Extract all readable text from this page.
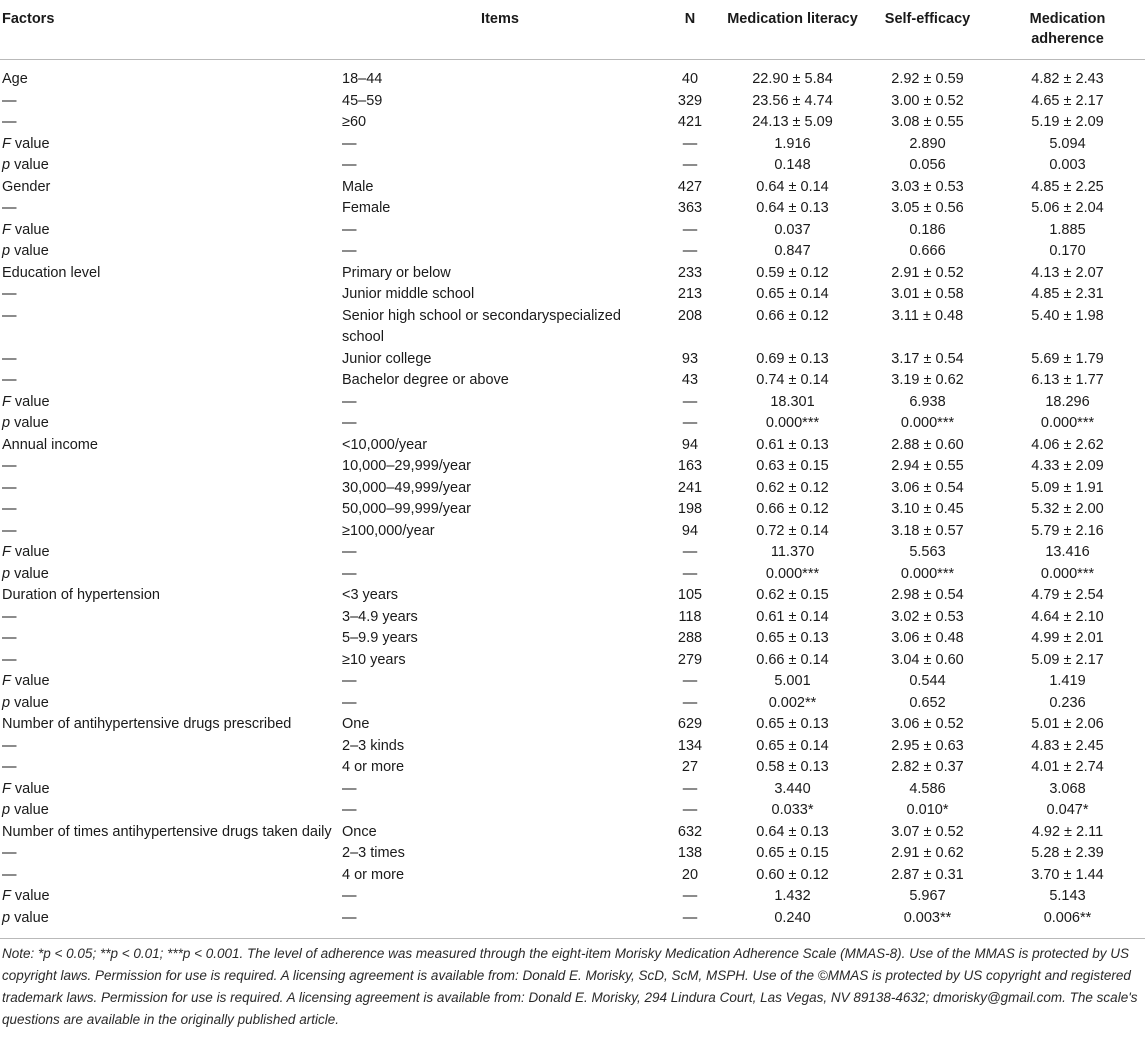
Factors	Items	N	Medication literacy	Self-efficacy	Medication adherence
Age	18–44	40	22.90 ± 5.84	2.92 ± 0.59	4.82 ± 2.43
—	45–59	329	23.56 ± 4.74	3.00 ± 0.52	4.65 ± 2.17
—	≥60	421	24.13 ± 5.09	3.08 ± 0.55	5.19 ± 2.09
F value	—	—	1.916	2.890	5.094
p value	—	—	0.148	0.056	0.003
Gender	Male	427	0.64 ± 0.14	3.03 ± 0.53	4.85 ± 2.25
—	Female	363	0.64 ± 0.13	3.05 ± 0.56	5.06 ± 2.04
F value	—	—	0.037	0.186	1.885
p value	—	—	0.847	0.666	0.170
Education level	Primary or below	233	0.59 ± 0.12	2.91 ± 0.52	4.13 ± 2.07
—	Junior middle school	213	0.65 ± 0.14	3.01 ± 0.58	4.85 ± 2.31
—	Senior high school or secondaryspecialized school	208	0.66 ± 0.12	3.11 ± 0.48	5.40 ± 1.98
—	Junior college	93	0.69 ± 0.13	3.17 ± 0.54	5.69 ± 1.79
—	Bachelor degree or above	43	0.74 ± 0.14	3.19 ± 0.62	6.13 ± 1.77
F value	—	—	18.301	6.938	18.296
p value	—	—	0.000***	0.000***	0.000***
Annual income	<10,000/year	94	0.61 ± 0.13	2.88 ± 0.60	4.06 ± 2.62
—	10,000–29,999/year	163	0.63 ± 0.15	2.94 ± 0.55	4.33 ± 2.09
—	30,000–49,999/year	241	0.62 ± 0.12	3.06 ± 0.54	5.09 ± 1.91
—	50,000–99,999/year	198	0.66 ± 0.12	3.10 ± 0.45	5.32 ± 2.00
—	≥100,000/year	94	0.72 ± 0.14	3.18 ± 0.57	5.79 ± 2.16
F value	—	—	11.370	5.563	13.416
p value	—	—	0.000***	0.000***	0.000***
Duration of hypertension	<3 years	105	0.62 ± 0.15	2.98 ± 0.54	4.79 ± 2.54
—	3–4.9 years	118	0.61 ± 0.14	3.02 ± 0.53	4.64 ± 2.10
—	5–9.9 years	288	0.65 ± 0.13	3.06 ± 0.48	4.99 ± 2.01
—	≥10 years	279	0.66 ± 0.14	3.04 ± 0.60	5.09 ± 2.17
F value	—	—	5.001	0.544	1.419
p value	—	—	0.002**	0.652	0.236
Number of antihypertensive drugs prescribed	One	629	0.65 ± 0.13	3.06 ± 0.52	5.01 ± 2.06
—	2–3 kinds	134	0.65 ± 0.14	2.95 ± 0.63	4.83 ± 2.45
—	4 or more	27	0.58 ± 0.13	2.82 ± 0.37	4.01 ± 2.74
F value	—	—	3.440	4.586	3.068
p value	—	—	0.033*	0.010*	0.047*
Number of times antihypertensive drugs taken daily	Once	632	0.64 ± 0.13	3.07 ± 0.52	4.92 ± 2.11
—	2–3 times	138	0.65 ± 0.15	2.91 ± 0.62	5.28 ± 2.39
—	4 or more	20	0.60 ± 0.12	2.87 ± 0.31	3.70 ± 1.44
F value	—	—	1.432	5.967	5.143
p value	—	—	0.240	0.003**	0.006**
Note: *p < 0.05; **p < 0.01; ***p < 0.001. The level of adherence was measured through the eight-item Morisky Medication Adherence Scale (MMAS-8). Use of the MMAS is protected by US copyright laws. Permission for use is required. A licensing agreement is available from: Donald E. Morisky, ScD, ScM, MSPH. Use of the ©MMAS is protected by US copyright and registered trademark laws. Permission for use is required. A licensing agreement is available from: Donald E. Morisky, 294 Lindura Court, Las Vegas, NV 89138-4632; dmorisky@gmail.com. The scale's questions are available in the originally published article.
